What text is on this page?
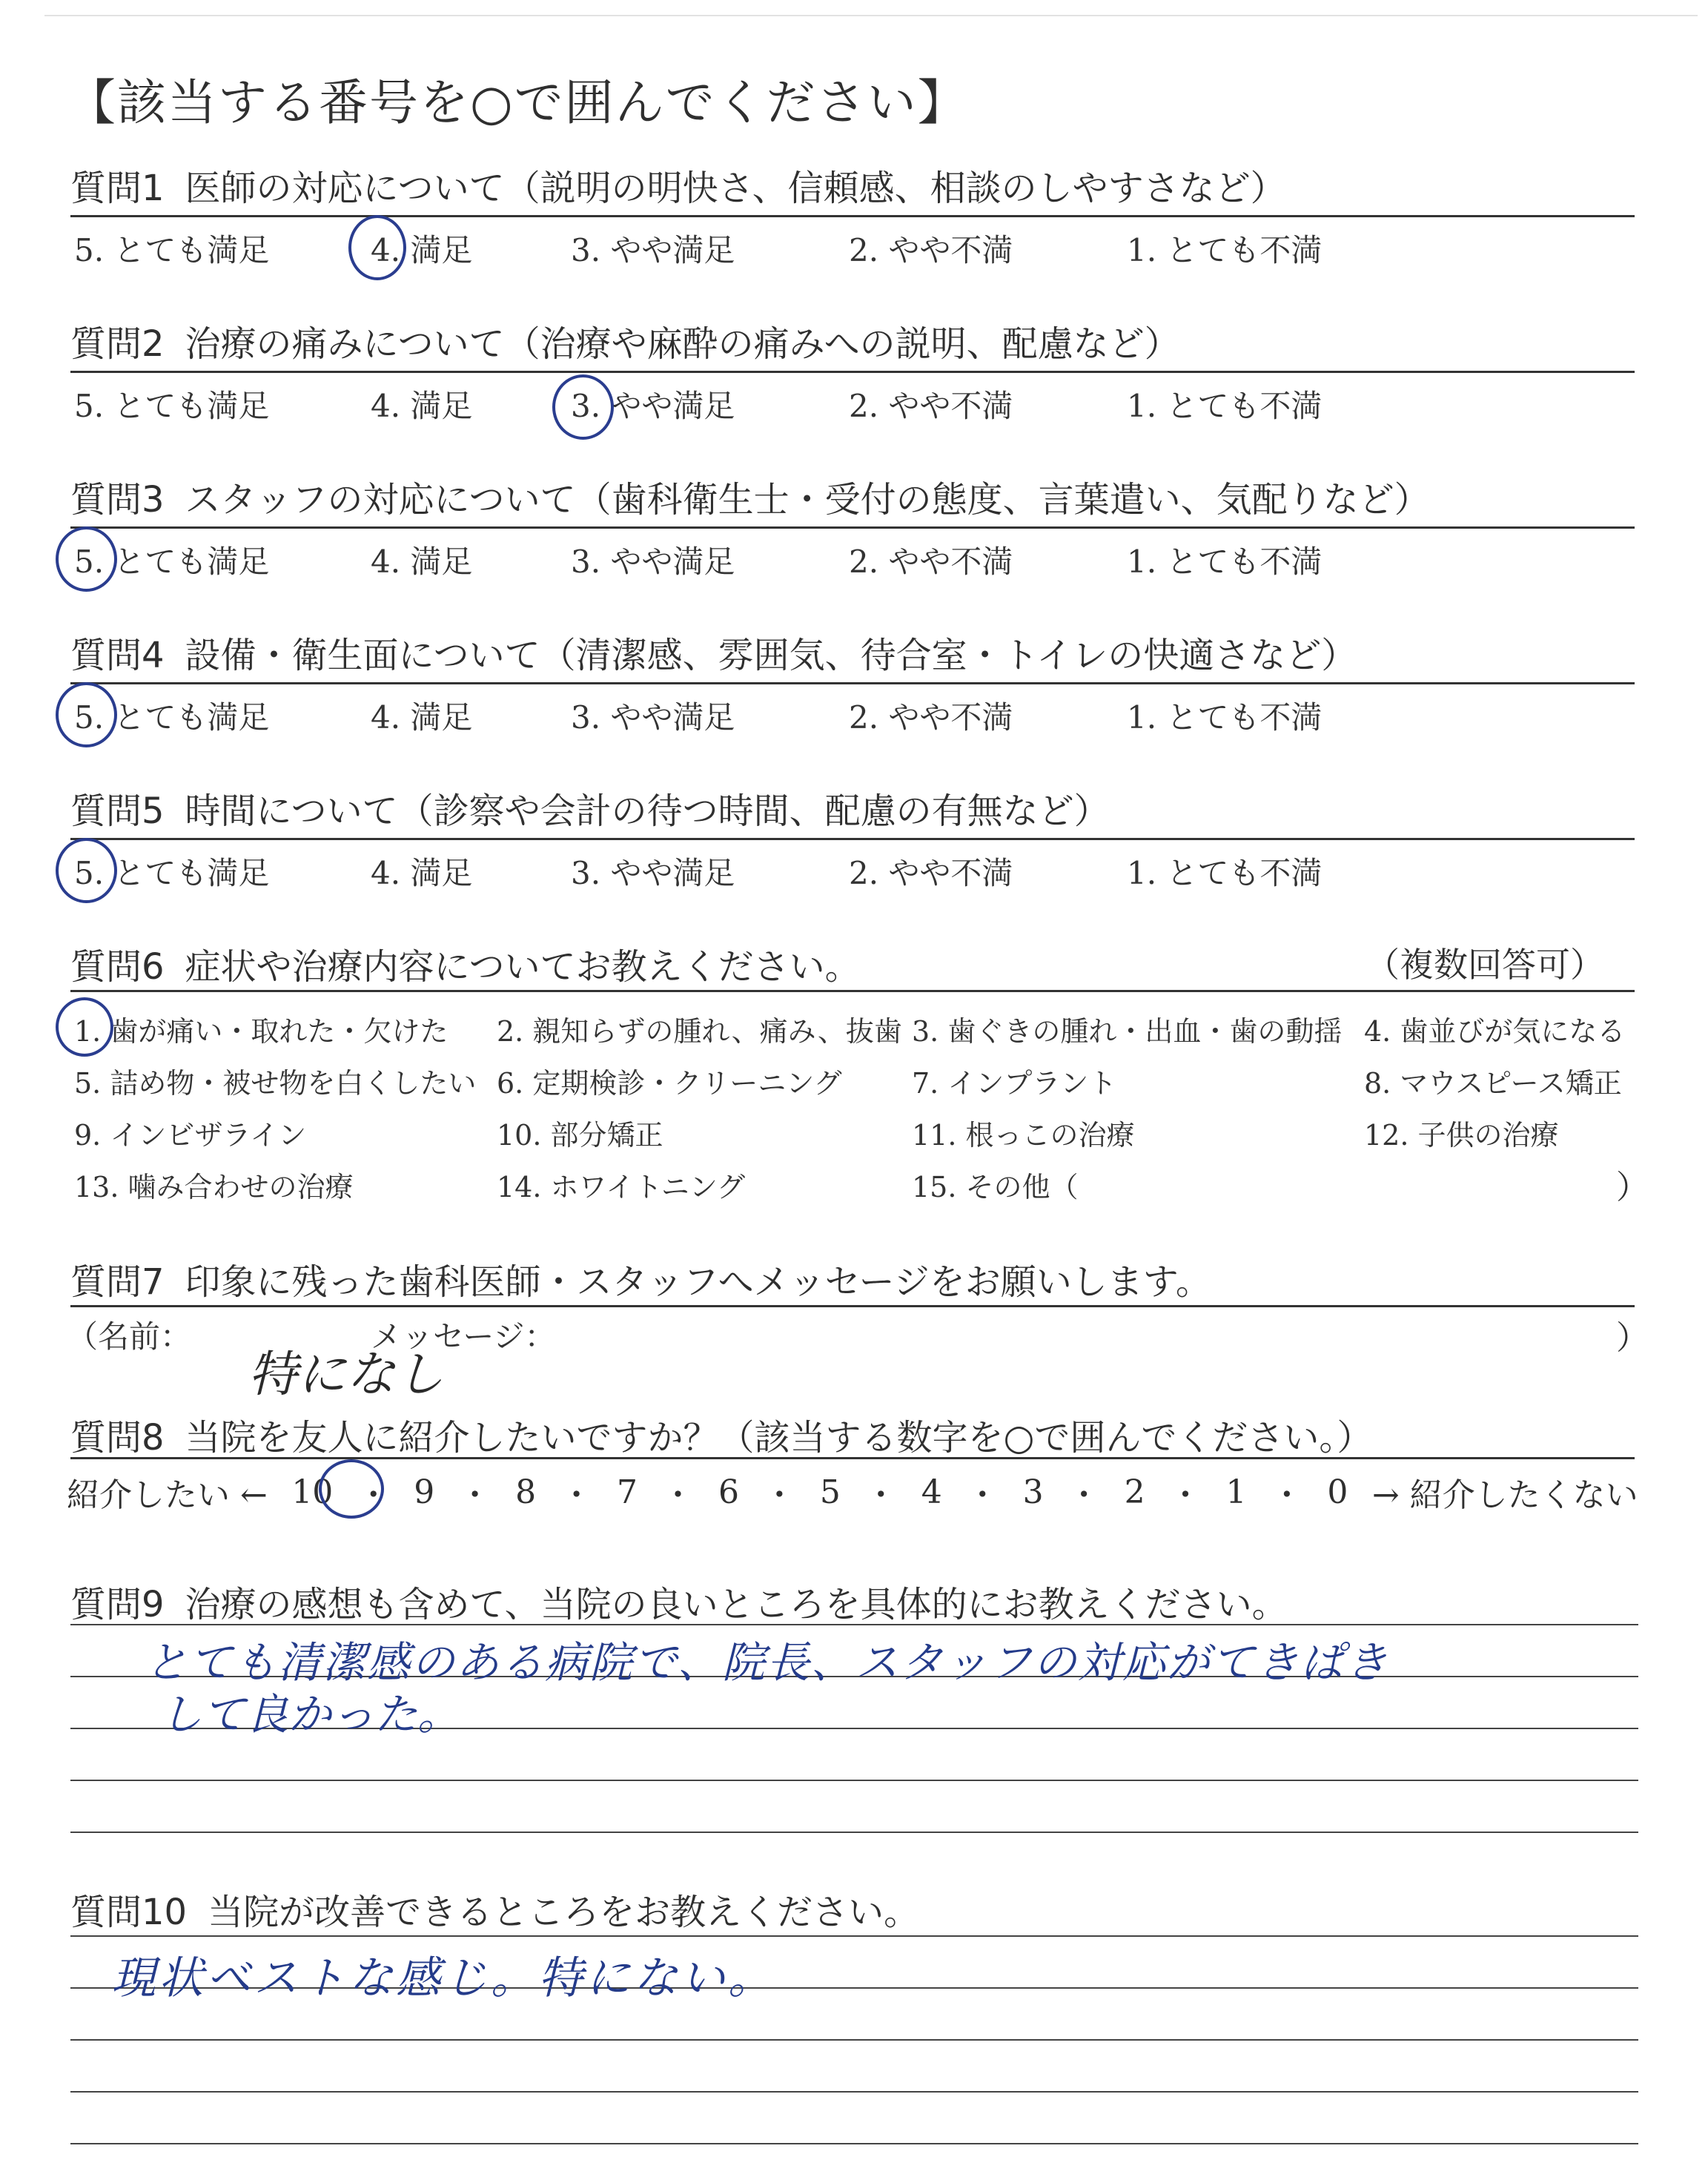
【該当する番号を○で囲んでください】
質問1 医師の対応について（説明の明快さ、信頼感、相談のしやすさなど）
5. とても満足	4. 満足	3. やや満足	2. やや不満	1. とても不満
質問2 治療の痛みについて（治療や麻酔の痛みへの説明、配慮など）
5. とても満足	4. 満足	3. やや満足	2. やや不満	1. とても不満
質問3 スタッフの対応について（歯科衛生士・受付の態度、言葉遣い、気配りなど）
5. とても満足	4. 満足	3. やや満足	2. やや不満	1. とても不満
質問4 設備・衛生面について（清潔感、雰囲気、待合室・トイレの快適さなど）
5. とても満足	4. 満足	3. やや満足	2. やや不満	1. とても不満
質問5 時間について（診察や会計の待つ時間、配慮の有無など）
5. とても満足	4. 満足	3. やや満足	2. やや不満	1. とても不満
質問6 症状や治療内容についてお教えください。	（複数回答可）
1. 歯が痛い・取れた・欠けた 2. 親知らずの腫れ、痛み、抜歯 3. 歯ぐきの腫れ・出血・歯の動揺 4. 歯並びが気になる
5. 詰め物・被せ物を白くしたい 6. 定期検診・クリーニング 7. インプラント	8. マウスピース矯正
9. インビザライン	10. 部分矯正	11. 根っこの治療	12. 子供の治療
13. 噛み合わせの治療	14. ホワイトニング	15. その他（	）
質問7 印象に残った歯科医師・スタッフへメッセージをお願いします。
（名前：	メッセージ：	）
特になし
質問8 当院を友人に紹介したいですか？（該当する数字を○で囲んでください。）
紹介したい ← 10 ・ 9 ・ 8 ・ 7 ・ 6 ・ 5 ・ 4 ・ 3 ・ 2 ・ 1 ・ 0 → 紹介したくない
質問9 治療の感想も含めて、当院の良いところを具体的にお教えください。
とても清潔感のある病院で、院長、スタッフの対応がてきぱき
して良かった。
質問10 当院が改善できるところをお教えください。
現状ベストな感じ。特にない。
